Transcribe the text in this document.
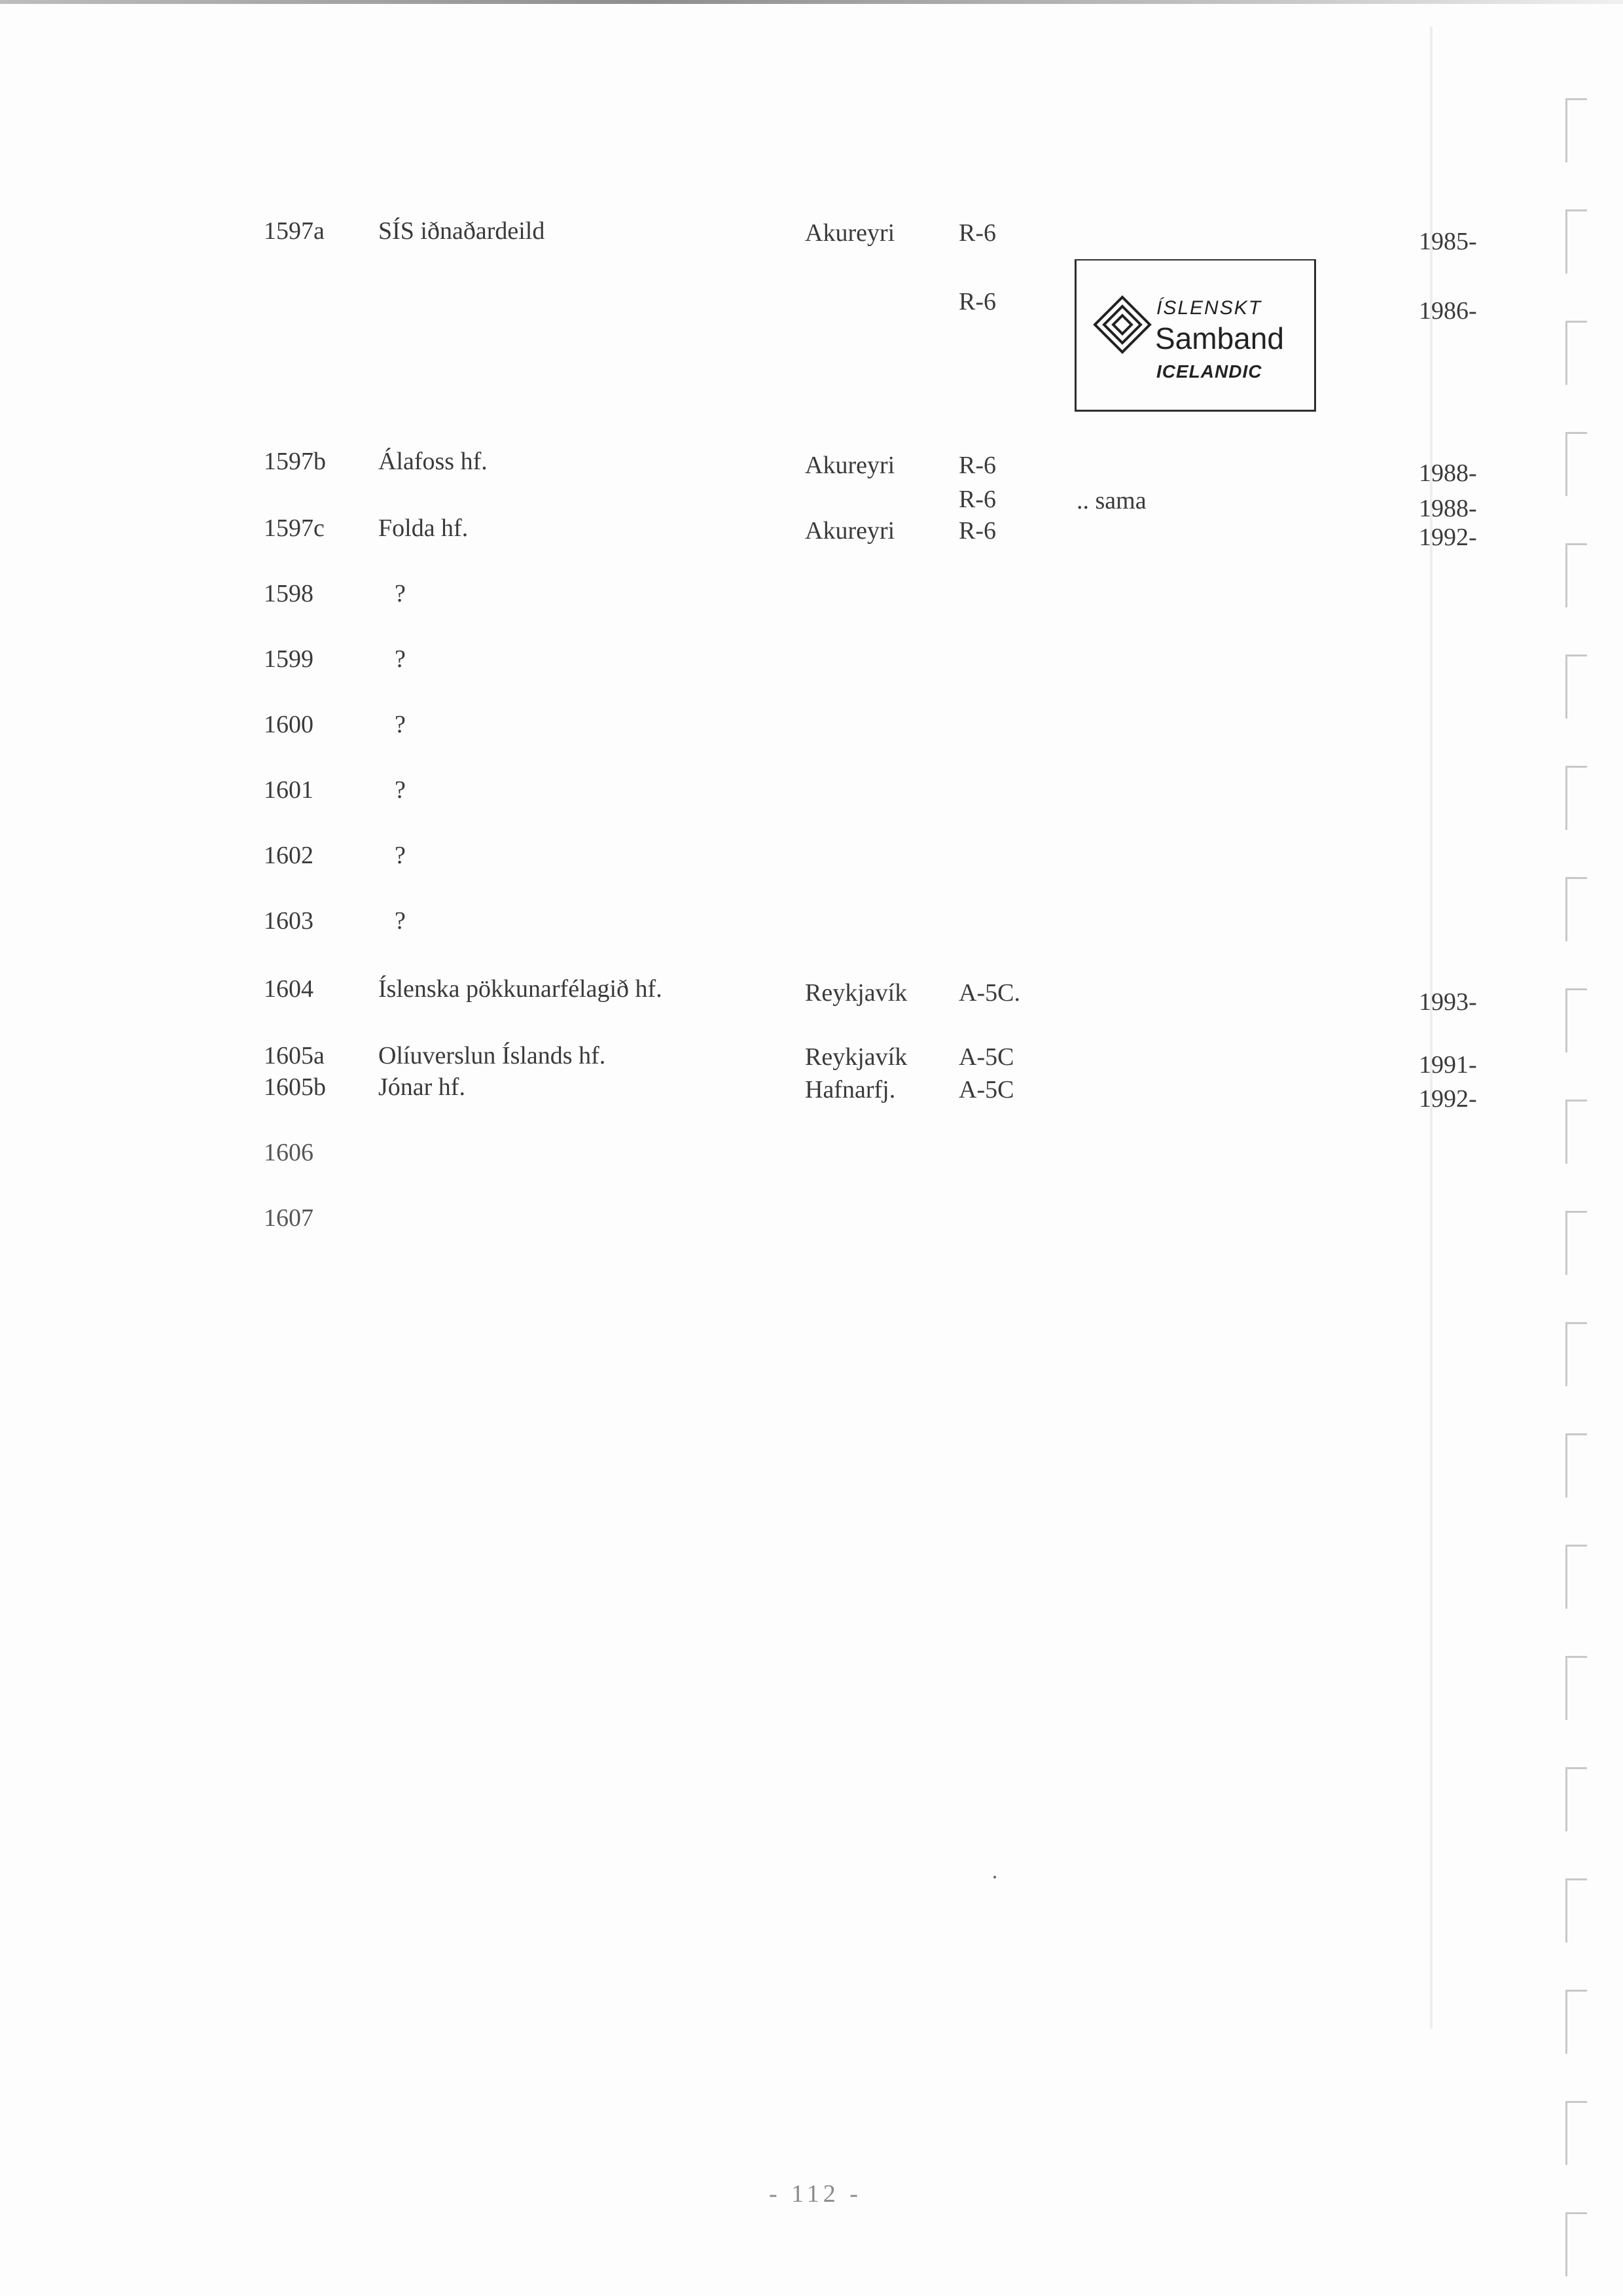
1597a SÍS iðnaðardeild	Akureyri	R-6	1985-
R-6	1986-
ÍSLENSKT
Samband
ICELANDIC
1597b Álafoss hf.	Akureyri	R-6	1988-
R-6	.. sama	1988-
1597c Folda hf.	Akureyri	R-6	1992-
1598	?
1599	?
1600	?
1601	?
1602	?
1603	?
1604	Íslenska pökkunarfélagið hf.	Reykjavík A-5C.	1993-
1605a Olíuverslun Íslands hf.	Reykjavík A-5C	1991-
1605b Jónar hf.	Hafnarfj.	A-5C	1992-
1606
1607
- 112 -
